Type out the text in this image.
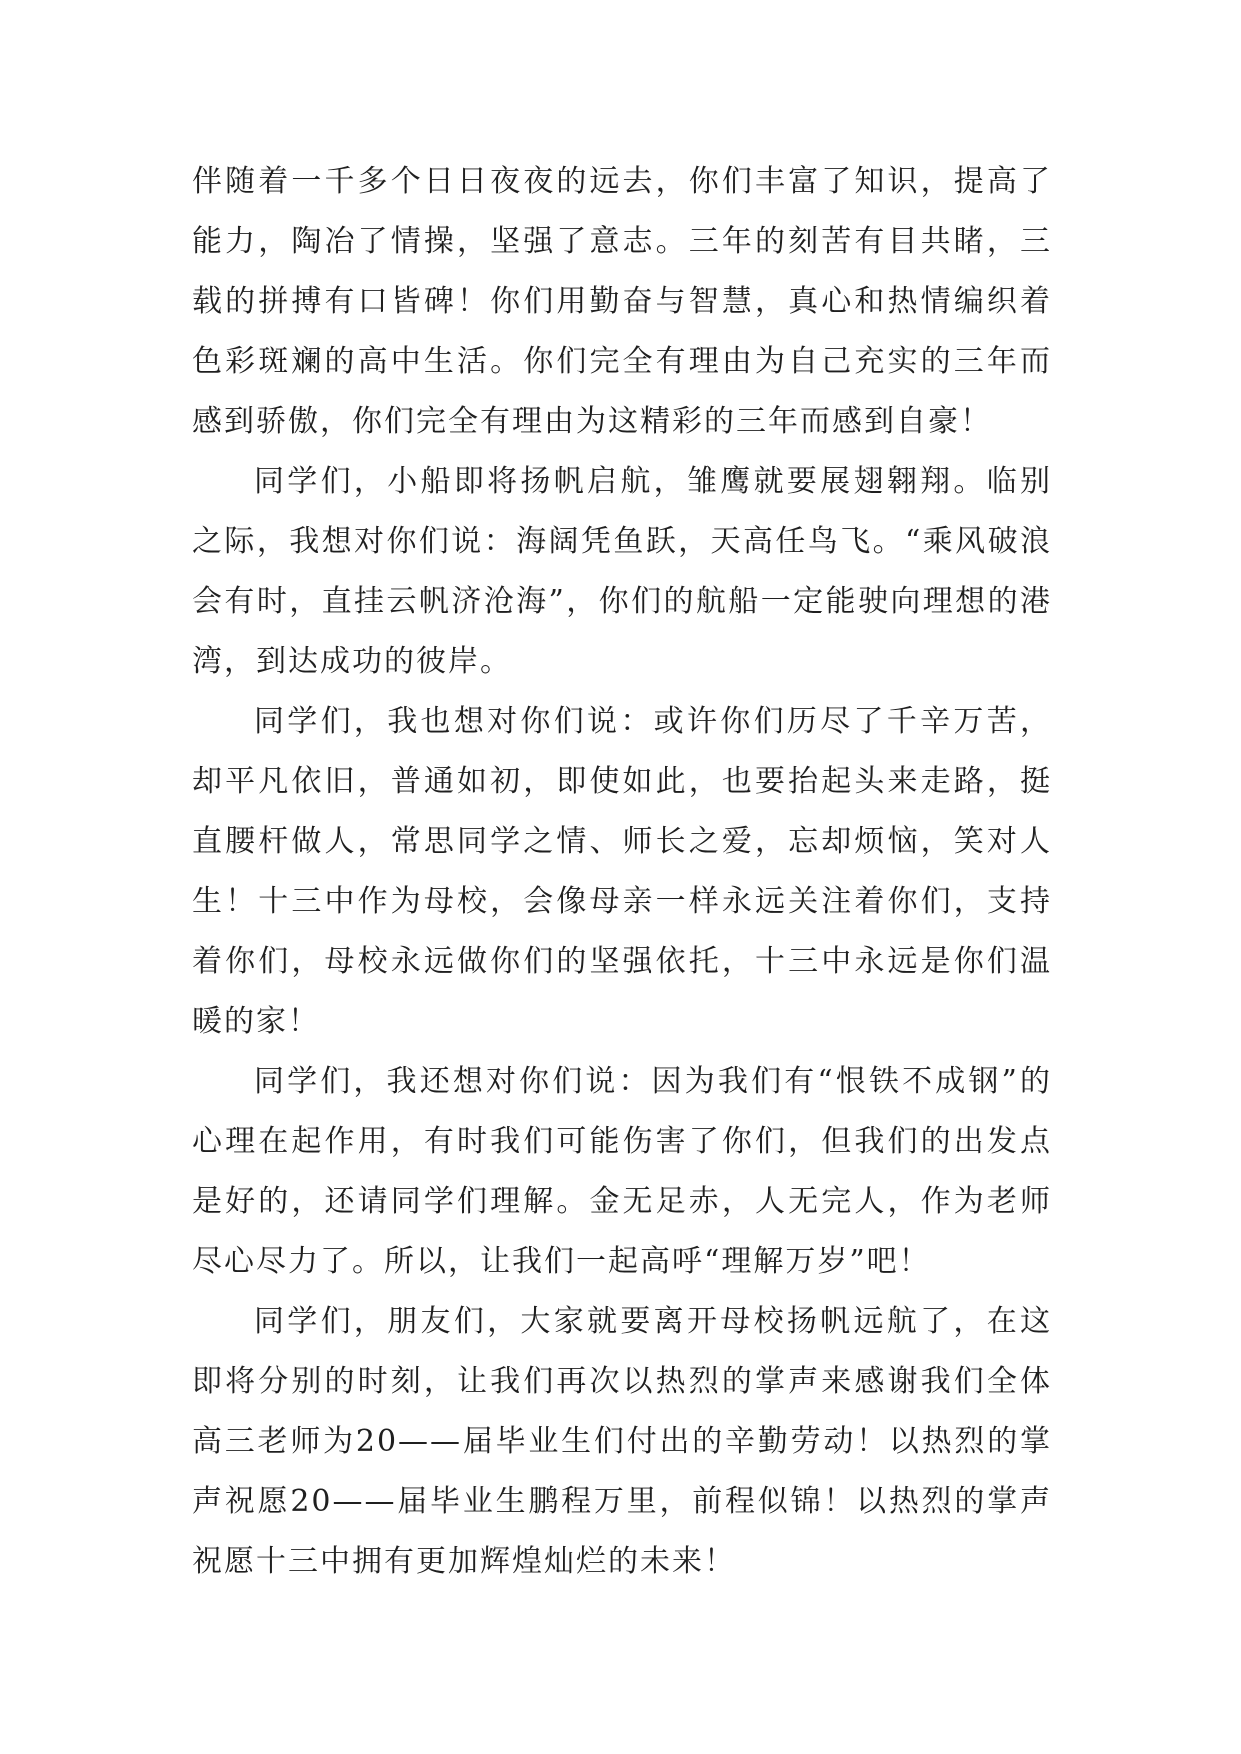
伴随着一千多个日日夜夜的远去，你们丰富了知识，提高了能力，陶冶了情操，坚强了意志。三年的刻苦有目共睹，三载的拼搏有口皆碑！你们用勤奋与智慧，真心和热情编织着色彩斑斓的高中生活。你们完全有理由为自己充实的三年而感到骄傲，你们完全有理由为这精彩的三年而感到自豪！

同学们，小船即将扬帆启航，雏鹰就要展翅翱翔。临别之际，我想对你们说：海阔凭鱼跃，天高任鸟飞。“乘风破浪会有时，直挂云帆济沧海”，你们的航船一定能驶向理想的港湾，到达成功的彼岸。

同学们，我也想对你们说：或许你们历尽了千辛万苦，却平凡依旧，普通如初，即使如此，也要抬起头来走路，挺直腰杆做人，常思同学之情、师长之爱，忘却烦恼，笑对人生！十三中作为母校，会像母亲一样永远关注着你们，支持着你们，母校永远做你们的坚强依托，十三中永远是你们温暖的家！

同学们，我还想对你们说：因为我们有“恨铁不成钢”的心理在起作用，有时我们可能伤害了你们，但我们的出发点是好的，还请同学们理解。金无足赤，人无完人，作为老师尽心尽力了。所以，让我们一起高呼“理解万岁”吧！

同学们，朋友们，大家就要离开母校扬帆远航了，在这即将分别的时刻，让我们再次以热烈的掌声来感谢我们全体高三老师为20——届毕业生们付出的辛勤劳动！以热烈的掌声祝愿20——届毕业生鹏程万里，前程似锦！以热烈的掌声祝愿十三中拥有更加辉煌灿烂的未来！
